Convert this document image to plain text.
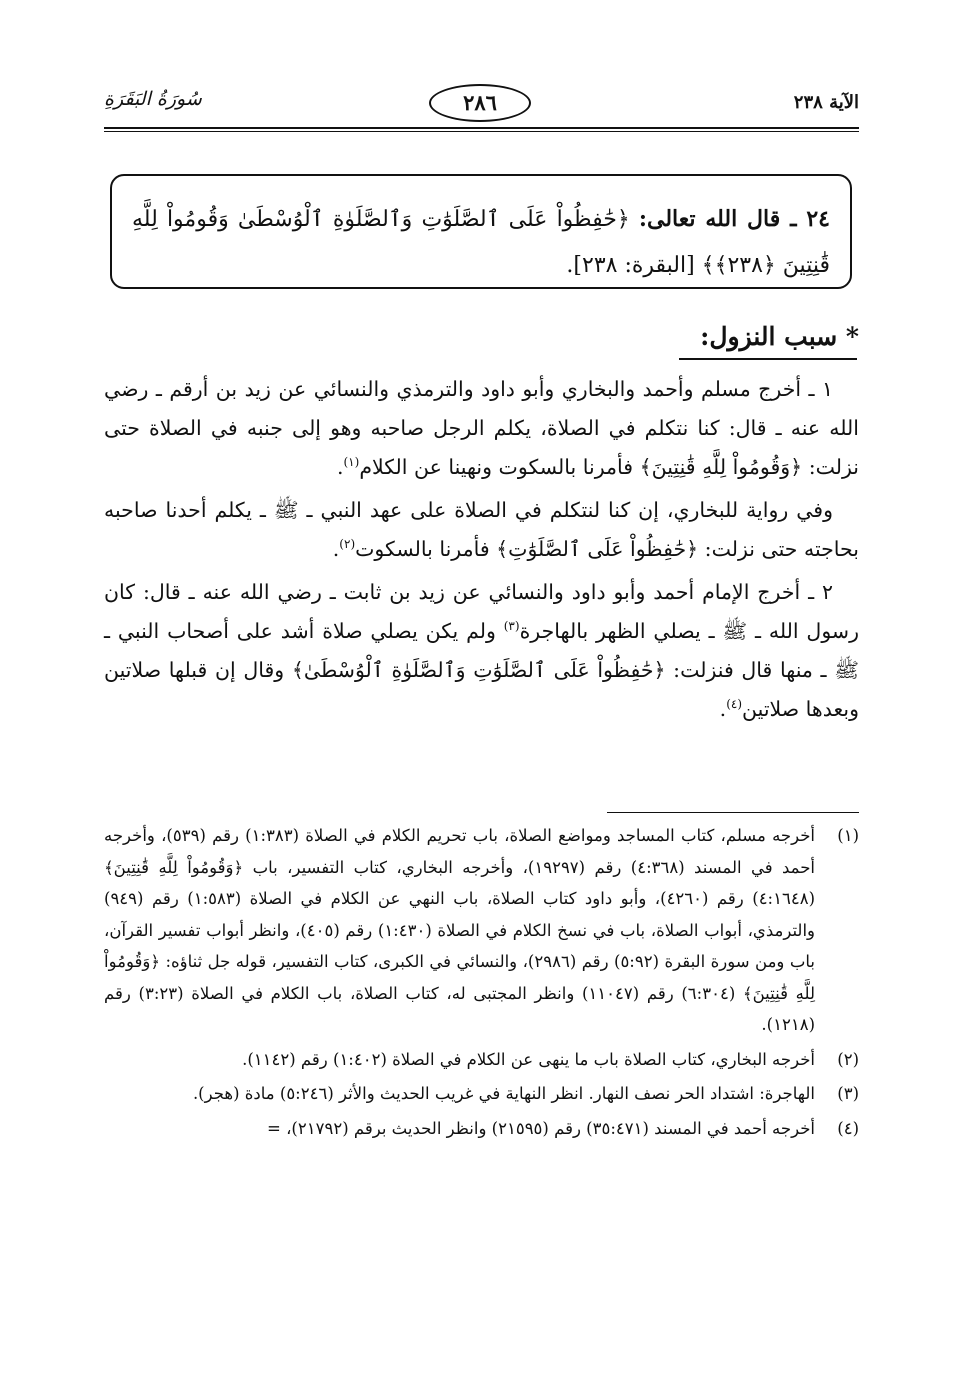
الآية ٢٣٨
٢٨٦
سُورَةُ البَقَرَةِ
٢٤ ـ قال الله تعالى: ﴿حَٰفِظُواْ عَلَى ٱلصَّلَوَٰتِ وَٱلصَّلَوٰةِ ٱلْوُسْطَىٰ وَقُومُواْ لِلَّهِ قَٰنِتِينَ ﴿٢٣٨﴾﴾ [البقرة: ٢٣٨].
* سبب النزول:

١ ـ أخرج مسلم وأحمد والبخاري وأبو داود والترمذي والنسائي عن زيد بن أرقم ـ رضي الله عنه ـ قال: كنا نتكلم في الصلاة، يكلم الرجل صاحبه وهو إلى جنبه في الصلاة حتى نزلت: ﴿وَقُومُواْ لِلَّهِ قَٰنِتِينَ﴾ فأمرنا بالسكوت ونهينا عن الكلام$^{(١)}$.

وفي رواية للبخاري، إن كنا لنتكلم في الصلاة على عهد النبي ـ ﷺ ـ يكلم أحدنا صاحبه بحاجته حتى نزلت: ﴿حَٰفِظُواْ عَلَى ٱلصَّلَوَٰتِ﴾ فأمرنا بالسكوت$^{(٢)}$.

٢ ـ أخرج الإمام أحمد وأبو داود والنسائي عن زيد بن ثابت ـ رضي الله عنه ـ قال: كان رسول الله ـ ﷺ ـ يصلي الظهر بالهاجرة$^{(٣)}$ ولم يكن يصلي صلاة أشد على أصحاب النبي ـ ﷺ ـ منها قال فنزلت: ﴿حَٰفِظُواْ عَلَى ٱلصَّلَوَٰتِ وَٱلصَّلَوٰةِ ٱلْوُسْطَىٰ﴾ وقال إن قبلها صلاتين وبعدها صلاتين$^{(٤)}$.

(١)
أخرجه مسلم، كتاب المساجد ومواضع الصلاة، باب تحريم الكلام في الصلاة (١:٣٨٣) رقم (٥٣٩)، وأخرجه أحمد في المسند (٤:٣٦٨) رقم (١٩٢٩٧)، وأخرجه البخاري، كتاب التفسير، باب ﴿وَقُومُواْ لِلَّهِ قَٰنِتِينَ﴾ (٤:١٦٤٨) رقم (٤٢٦٠)، وأبو داود كتاب الصلاة، باب النهي عن الكلام في الصلاة (١:٥٨٣) رقم (٩٤٩) والترمذي، أبواب الصلاة، باب في نسخ الكلام في الصلاة (١:٤٣٠) رقم (٤٠٥)، وانظر أبواب تفسير القرآن، باب ومن سورة البقرة (٥:٩٢) رقم (٢٩٨٦)، والنسائي في الكبرى، كتاب التفسير، قوله جل ثناؤه: ﴿وَقُومُواْ لِلَّهِ قَٰنِتِينَ﴾ (٦:٣٠٤) رقم (١١٠٤٧) وانظر المجتبى له، كتاب الصلاة، باب الكلام في الصلاة (٣:٢٣) رقم (١٢١٨).
(٢)
أخرجه البخاري، كتاب الصلاة باب ما ينهى عن الكلام في الصلاة (١:٤٠٢) رقم (١١٤٢).
(٣)
الهاجرة: اشتداد الحر نصف النهار. انظر النهاية في غريب الحديث والأثر (٥:٢٤٦) مادة (هجر).
(٤)
أخرجه أحمد في المسند (٣٥:٤٧١) رقم (٢١٥٩٥) وانظر الحديث برقم (٢١٧٩٢)، =
